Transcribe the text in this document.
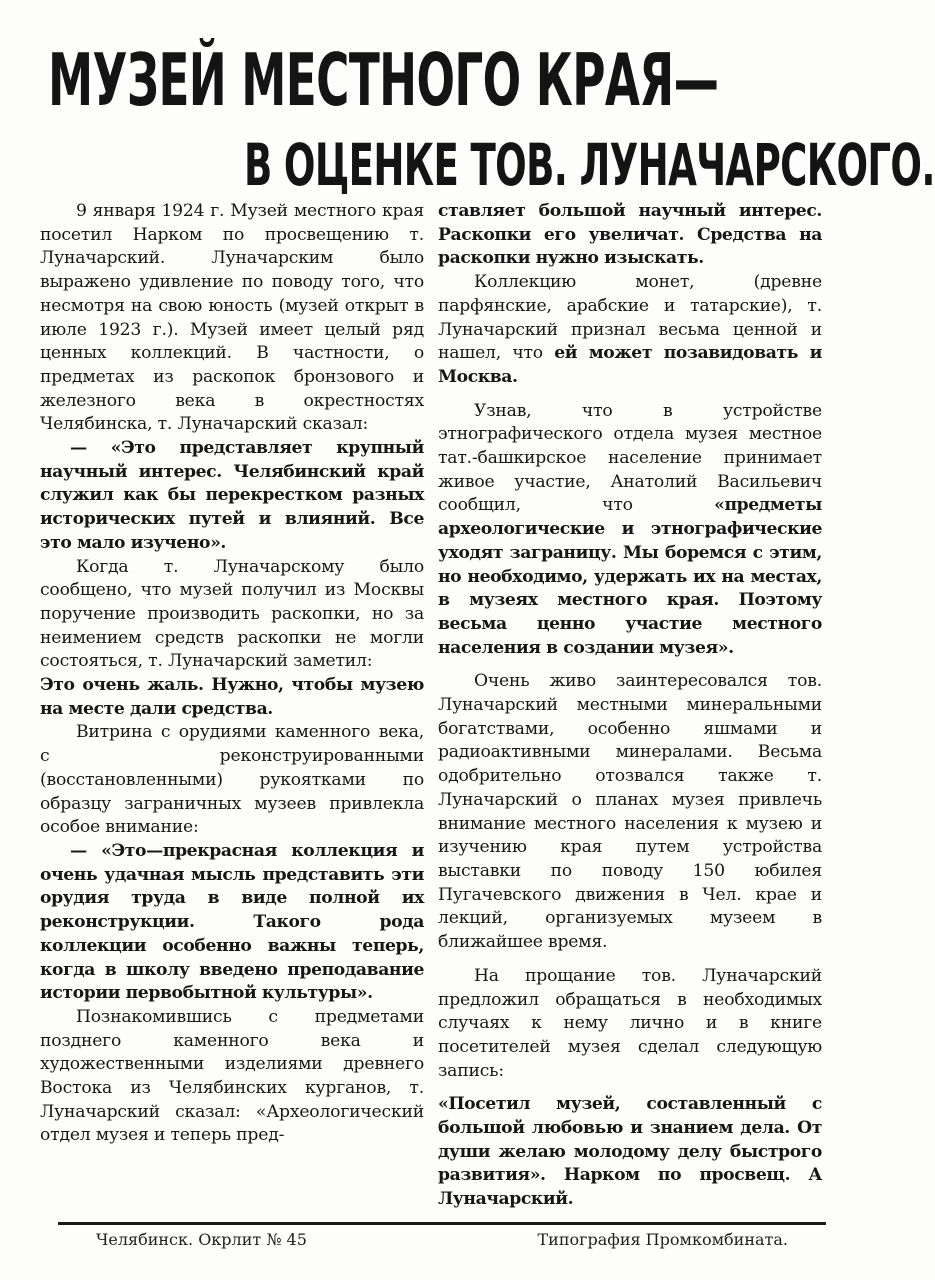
МУЗЕЙ МЕСТНОГО КРАЯ—
В ОЦЕНКЕ ТОВ. ЛУНАЧАРСКОГО.

9 января 1924 г. Музей местного края посетил Нарком по просвещению т. Луначарский. Луначарским было выражено удивление по поводу того, что несмотря на свою юность (музей открыт в июле 1923 г.). Музей имеет целый ряд ценных коллекций. В частности, о предметах из раскопок бронзового и железного века в окрестностях Челябинска, т. Луначарский сказал:

— «Это представляет крупный научный интерес. Челябинский край служил как бы перекрестком разных исторических путей и влияний. Все это мало изучено».

Когда т. Луначарскому было сообщено, что музей получил из Москвы поручение производить раскопки, но за неимением средств раскопки не могли состояться, т. Луначарский заметил:

Это очень жаль. Нужно, чтобы музею на месте дали средства.

Витрина с орудиями каменного века, с реконструированными (восстановленными) рукоятками по образцу заграничных музеев привлекла особое внимание:

— «Это—прекрасная коллекция и очень удачная мысль представить эти орудия труда в виде полной их реконструкции. Такого рода коллекции особенно важны теперь, когда в школу введено преподавание истории первобытной культуры».

Познакомившись с предметами позднего каменного века и художественными изделиями древнего Востока из Челябинских курганов, т. Луначарский сказал: «Археологический отдел музея и теперь пред-

ставляет большой научный интерес. Раскопки его увеличат. Средства на раскопки нужно изыскать.

Коллекцию монет, (древне парфянские, арабские и татарские), т. Луначарский признал весьма ценной и нашел, что ей может позавидовать и Москва.

Узнав, что в устройстве этнографического отдела музея местное тат.-башкирское население принимает живое участие, Анатолий Васильевич сообщил, что	«предметы археологические и этнографические уходят заграницу. Мы боремся с этим, но необходимо, удержать их на местах, в музеях местного края. Поэтому весьма ценно участие местного населения в создании музея».

Очень живо заинтересовался тов. Луначарский местными минеральными богатствами, особенно яшмами и радиоактивными минералами. Весьма одобрительно отозвался также т. Луначарский о планах музея привлечь внимание местного населения к музею и изучению края путем устройства выставки по поводу 150 юбилея Пугачевского движения в Чел. крае и лекций, организуемых музеем в ближайшее время.

На прощание тов. Луначарский предложил обращаться в необходимых случаях к нему лично и в книге посетителей музея сделал следующую запись:

«Посетил музей, составленный с большой любовью и знанием дела. От души желаю молодому делу быстрого развития». Нарком по просвещ. А Луначарский.

Челябинск. Окрлит № 45	Типография Промкомбината.
